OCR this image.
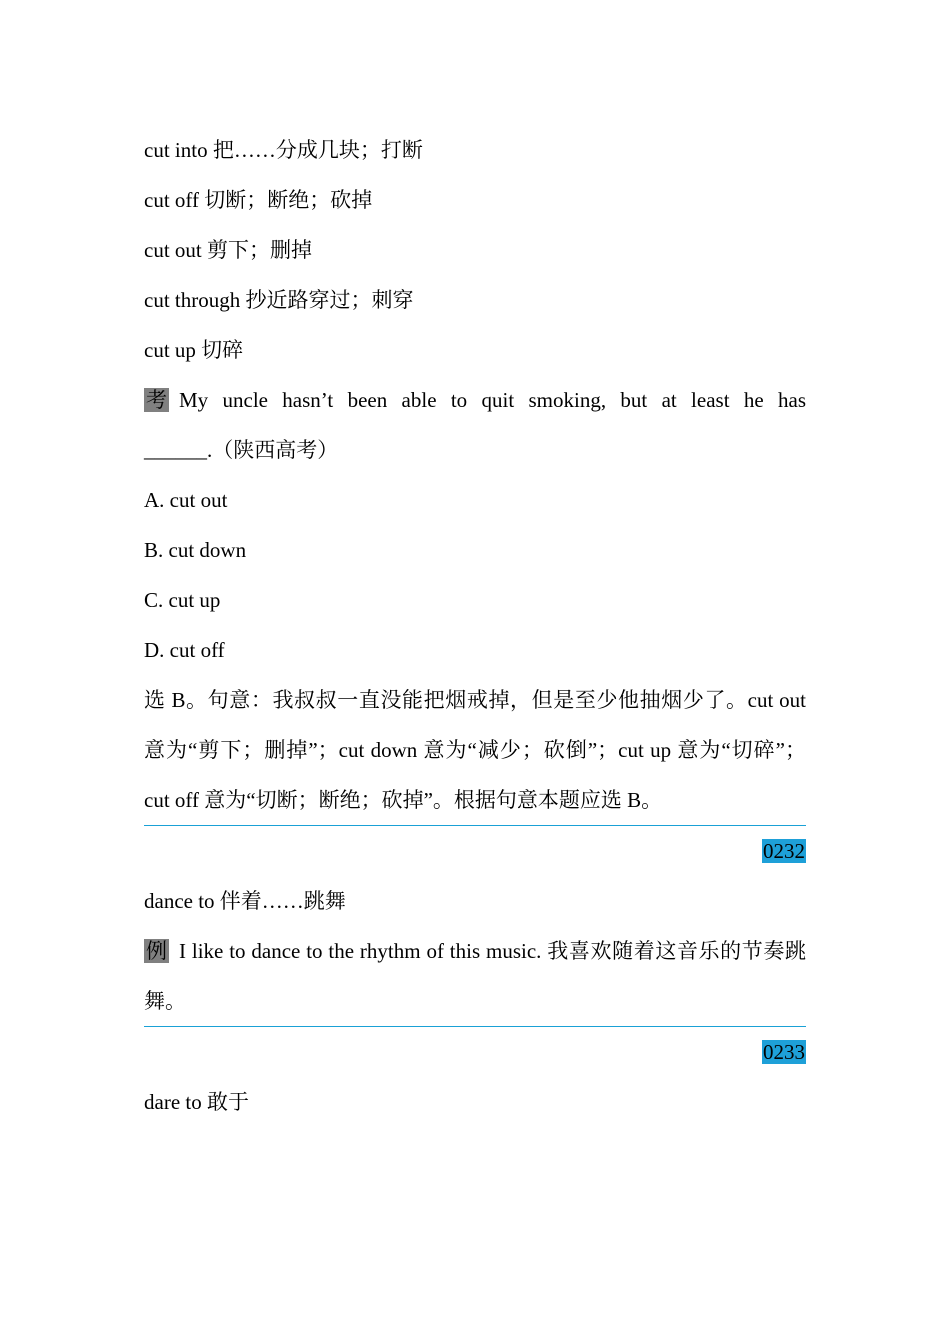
cut into 把……分成几块；打断
cut off 切断；断绝；砍掉
cut out 剪下；删掉
cut through 抄近路穿过；刺穿
cut up 切碎
考 My uncle hasn’t been able to quit smoking, but at least he has
______.（陕西高考）
A. cut out
B. cut down
C. cut up
D. cut off
选 B。句意：我叔叔一直没能把烟戒掉，但是至少他抽烟少了。cut out 意为“剪下；删掉”；cut down 意为“减少；砍倒”；cut up 意为“切碎”；cut off 意为“切断；断绝；砍掉”。根据句意本题应选 B。
0232
dance to 伴着……跳舞
例 I like to dance to the rhythm of this music. 我喜欢随着这音乐的节奏跳舞。
0233
dare to 敢于
